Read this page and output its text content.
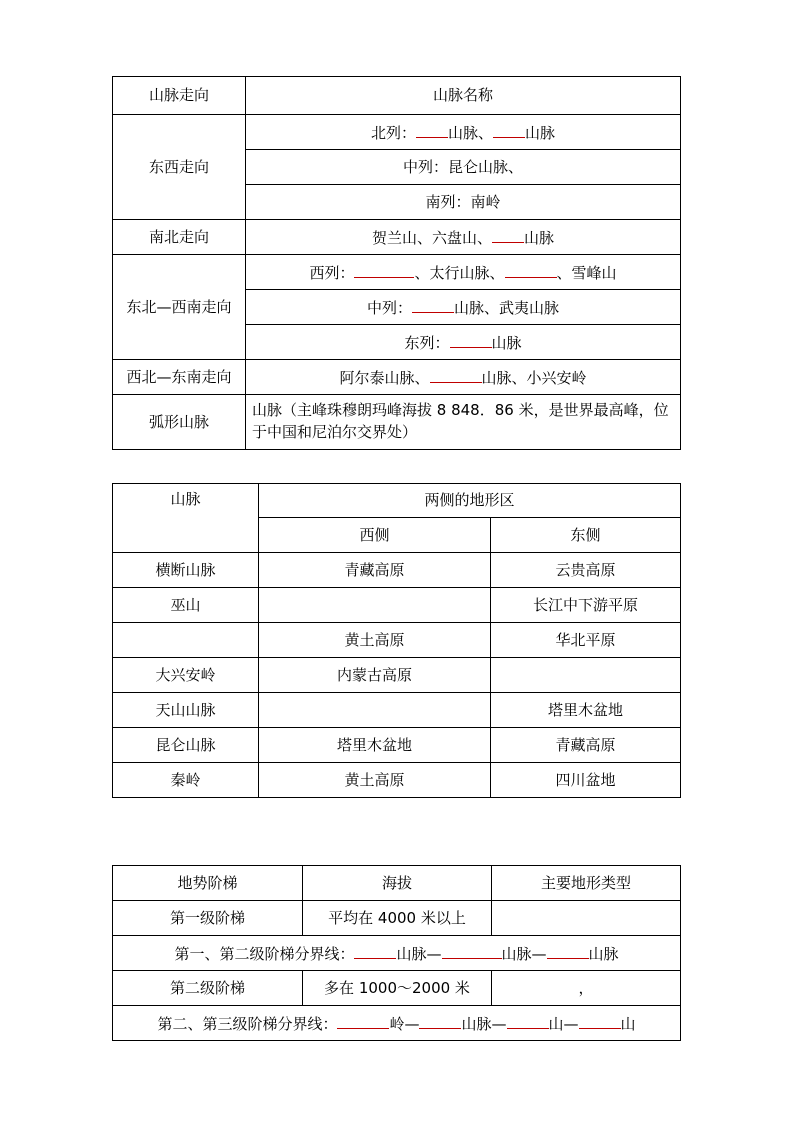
山脉走向	山脉名称
东西走向	北列： 山脉、 山脉
	中列：昆仑山脉、
	南列：南岭
南北走向	贺兰山、六盘山、 山脉
东北—西南走向	西列： 、太行山脉、 、雪峰山
	中列： 山脉、武夷山脉
	东列： 山脉
西北—东南走向	阿尔泰山脉、 山脉、小兴安岭
弧形山脉	山脉（主峰珠穆朗玛峰海拔 8 848．86 米，是世界最高峰，位于中国和尼泊尔交界处）
山脉	两侧的地形区	
	西侧	东侧
横断山脉	青藏高原	云贵高原
巫山		长江中下游平原
	黄土高原	华北平原
大兴安岭	内蒙古高原	
天山山脉		塔里木盆地
昆仑山脉	塔里木盆地	青藏高原
秦岭	黄土高原	四川盆地
地势阶梯	海拔	主要地形类型
第一级阶梯	平均在 4000 米以上	
第一、第二级阶梯分界线： 山脉— 山脉— 山脉		
第二级阶梯	多在 1000～2000 米	，
第二、第三级阶梯分界线： 岭— 山脉— 山— 山		
